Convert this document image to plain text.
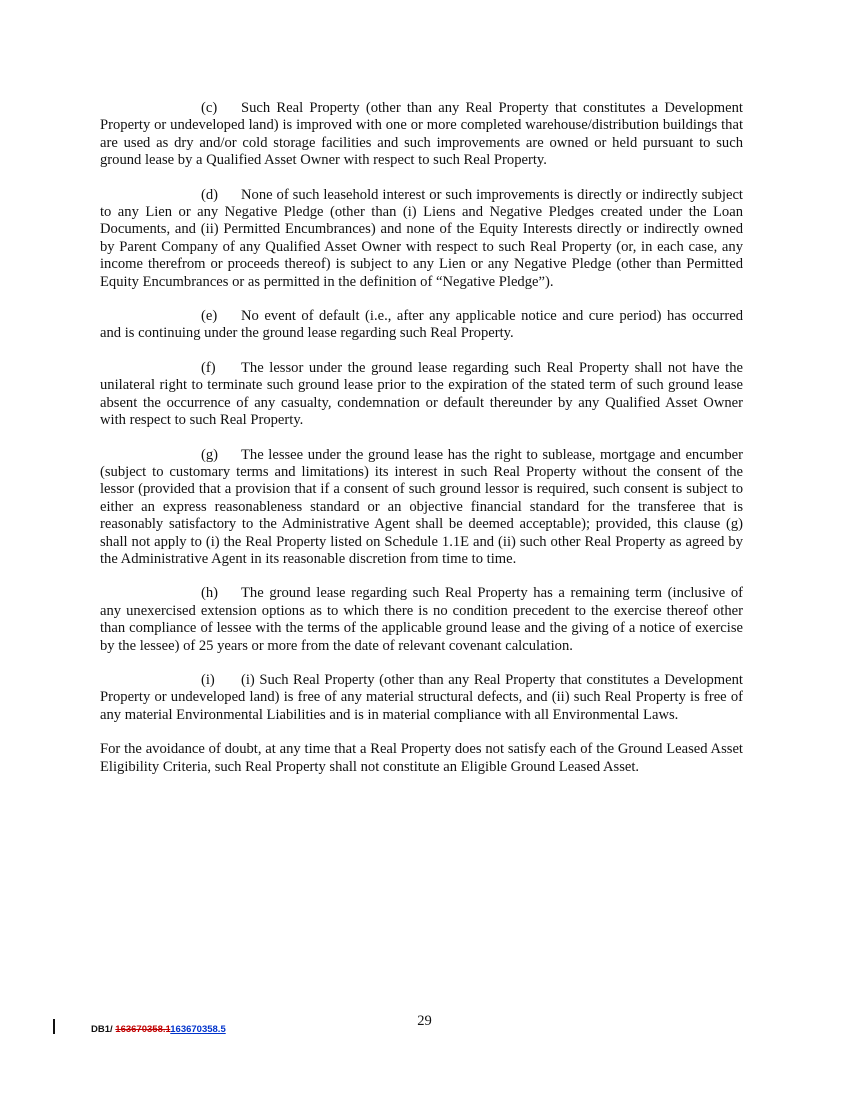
(c) Such Real Property (other than any Real Property that constitutes a Development Property or undeveloped land) is improved with one or more completed warehouse/distribution buildings that are used as dry and/or cold storage facilities and such improvements are owned or held pursuant to such ground lease by a Qualified Asset Owner with respect to such Real Property.

(d) None of such leasehold interest or such improvements is directly or indirectly subject to any Lien or any Negative Pledge (other than (i) Liens and Negative Pledges created under the Loan Documents, and (ii) Permitted Encumbrances) and none of the Equity Interests directly or indirectly owned by Parent Company of any Qualified Asset Owner with respect to such Real Property (or, in each case, any income therefrom or proceeds thereof) is subject to any Lien or any Negative Pledge (other than Permitted Equity Encumbrances or as permitted in the definition of “Negative Pledge”).

(e) No event of default (i.e., after any applicable notice and cure period) has occurred and is continuing under the ground lease regarding such Real Property.

(f) The lessor under the ground lease regarding such Real Property shall not have the unilateral right to terminate such ground lease prior to the expiration of the stated term of such ground lease absent the occurrence of any casualty, condemnation or default thereunder by any Qualified Asset Owner with respect to such Real Property.

(g) The lessee under the ground lease has the right to sublease, mortgage and encumber (subject to customary terms and limitations) its interest in such Real Property without the consent of the lessor (provided that a provision that if a consent of such ground lessor is required, such consent is subject to either an express reasonableness standard or an objective financial standard for the transferee that is reasonably satisfactory to the Administrative Agent shall be deemed acceptable); provided, this clause (g) shall not apply to (i) the Real Property listed on Schedule 1.1E and (ii) such other Real Property as agreed by the Administrative Agent in its reasonable discretion from time to time.

(h) The ground lease regarding such Real Property has a remaining term (inclusive of any unexercised extension options as to which there is no condition precedent to the exercise thereof other than compliance of lessee with the terms of the applicable ground lease and the giving of a notice of exercise by the lessee) of 25 years or more from the date of relevant covenant calculation.

(i) (i) Such Real Property (other than any Real Property that constitutes a Development Property or undeveloped land) is free of any material structural defects, and (ii) such Real Property is free of any material Environmental Liabilities and is in material compliance with all Environmental Laws.

For the avoidance of doubt, at any time that a Real Property does not satisfy each of the Ground Leased Asset Eligibility Criteria, such Real Property shall not constitute an Eligible Ground Leased Asset.

DB1/ 163670358.1163670358.5
29
